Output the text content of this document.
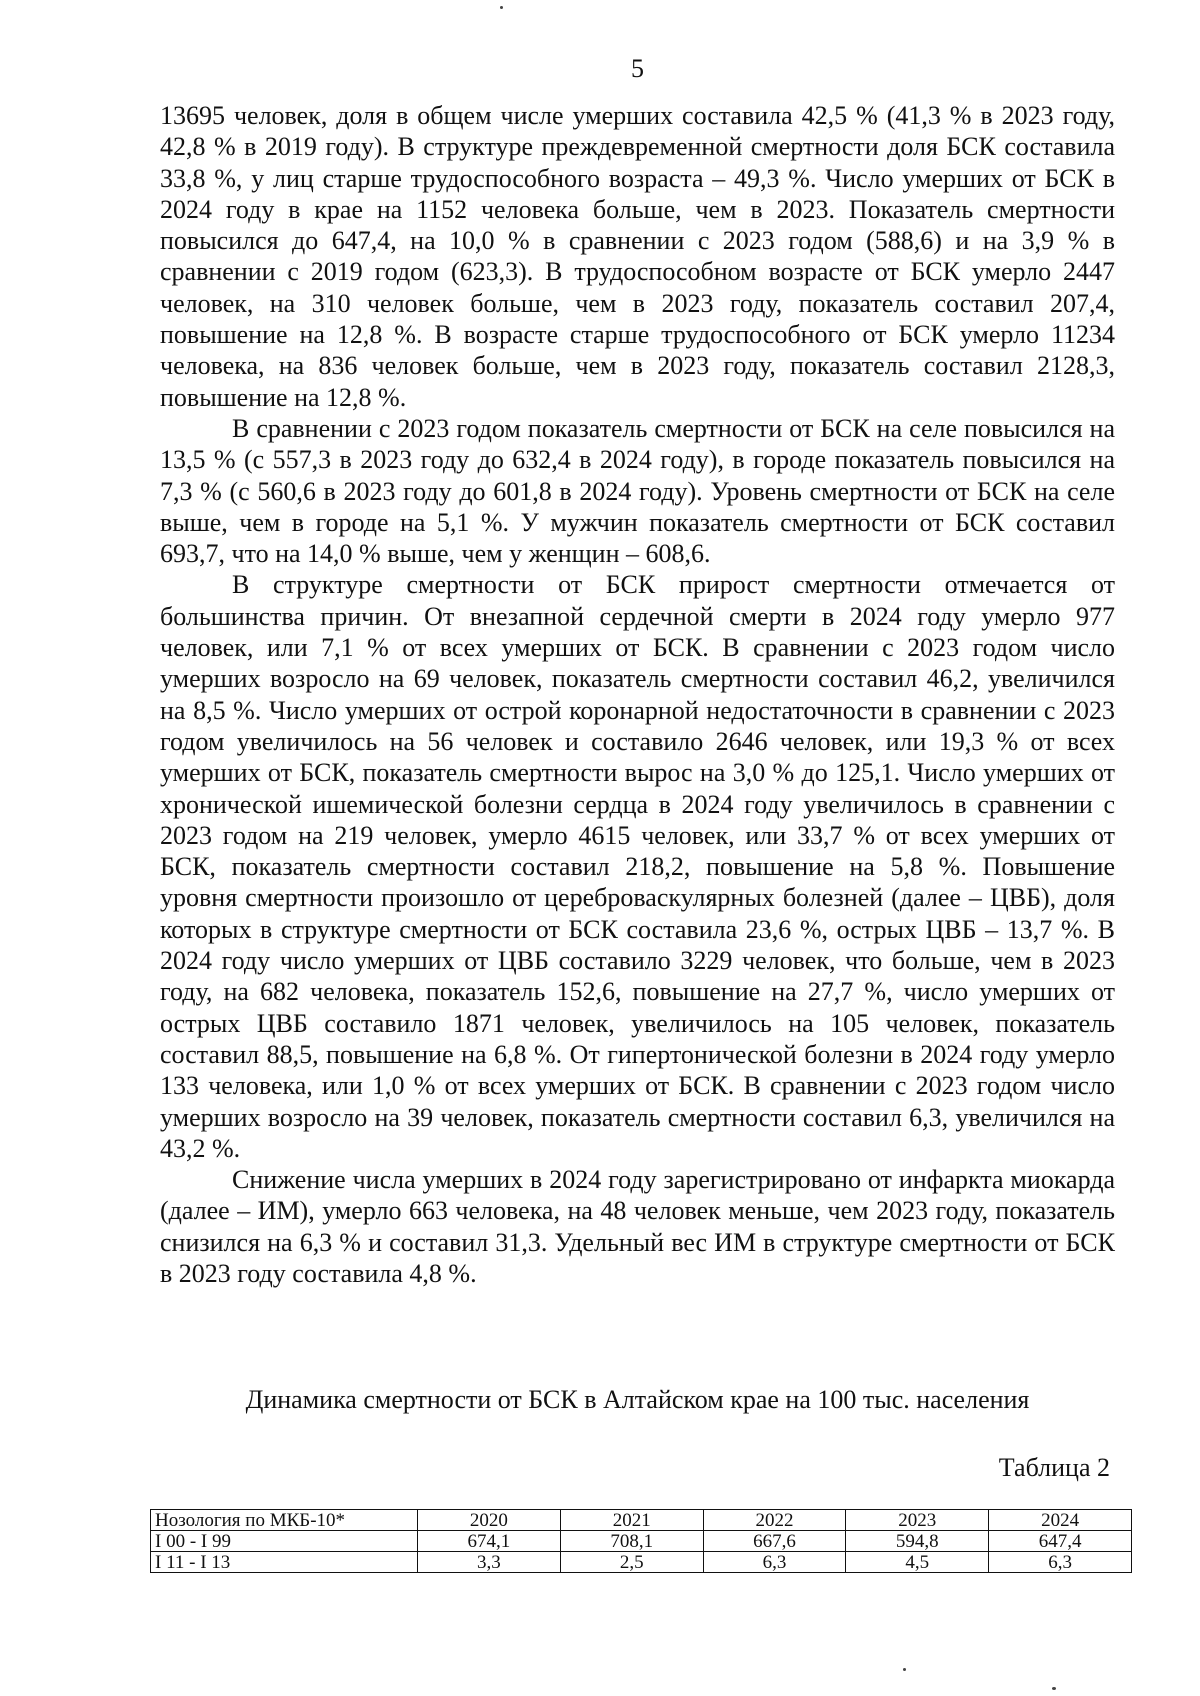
5

13695 человек, доля в общем числе умерших составила 42,5 % (41,3 % в 2023 году, 42,8 % в 2019 году). В структуре преждевременной смертности доля БСК составила 33,8 %, у лиц старше трудоспособного возраста – 49,3 %. Число умерших от БСК в 2024 году в крае на 1152 человека больше, чем в 2023. Показатель смертности повысился до 647,4, на 10,0 % в сравнении с 2023 годом (588,6) и на 3,9 % в сравнении с 2019 годом (623,3). В трудоспособном возрасте от БСК умерло 2447 человек, на 310 человек больше, чем в 2023 году, показатель составил 207,4, повышение на 12,8 %. В возрасте старше трудоспособного от БСК умерло 11234 человека, на 836 человек больше, чем в 2023 году, показатель составил 2128,3, повышение на 12,8 %.

В сравнении с 2023 годом показатель смертности от БСК на селе повысился на 13,5 % (с 557,3 в 2023 году до 632,4 в 2024 году), в городе показатель повысился на 7,3 % (с 560,6 в 2023 году до 601,8 в 2024 году). Уровень смертности от БСК на селе выше, чем в городе на 5,1 %. У мужчин показатель смертности от БСК составил 693,7, что на 14,0 % выше, чем у женщин – 608,6.

В структуре смертности от БСК прирост смертности отмечается от большинства причин. От внезапной сердечной смерти в 2024 году умерло 977 человек, или 7,1 % от всех умерших от БСК. В сравнении с 2023 годом число умерших возросло на 69 человек, показатель смертности составил 46,2, увеличился на 8,5 %. Число умерших от острой коронарной недостаточности в сравнении с 2023 годом увеличилось на 56 человек и составило 2646 человек, или 19,3 % от всех умерших от БСК, показатель смертности вырос на 3,0 % до 125,1. Число умерших от хронической ишемической болезни сердца в 2024 году увеличилось в сравнении с 2023 годом на 219 человек, умерло 4615 человек, или 33,7 % от всех умерших от БСК, показатель смертности составил 218,2, повышение на 5,8 %. Повышение уровня смертности произошло от цереброваскулярных болезней (далее – ЦВБ), доля которых в структуре смертности от БСК составила 23,6 %, острых ЦВБ – 13,7 %. В 2024 году число умерших от ЦВБ составило 3229 человек, что больше, чем в 2023 году, на 682 человека, показатель 152,6, повышение на 27,7 %, число умерших от острых ЦВБ составило 1871 человек, увеличилось на 105 человек, показатель составил 88,5, повышение на 6,8 %. От гипертонической болезни в 2024 году умерло 133 человека, или 1,0 % от всех умерших от БСК. В сравнении с 2023 годом число умерших возросло на 39 человек, показатель смертности составил 6,3, увеличился на 43,2 %.

Снижение числа умерших в 2024 году зарегистрировано от инфаркта миокарда (далее – ИМ), умерло 663 человека, на 48 человек меньше, чем 2023 году, показатель снизился на 6,3 % и составил 31,3. Удельный вес ИМ в структуре смертности от БСК в 2023 году составила 4,8 %.

Динамика смертности от БСК в Алтайском крае на 100 тыс. населения
Таблица 2
Нозология по МКБ-10*	2020	2021	2022	2023	2024
I 00 - I 99	674,1	708,1	667,6	594,8	647,4
I 11 - I 13	3,3	2,5	6,3	4,5	6,3
